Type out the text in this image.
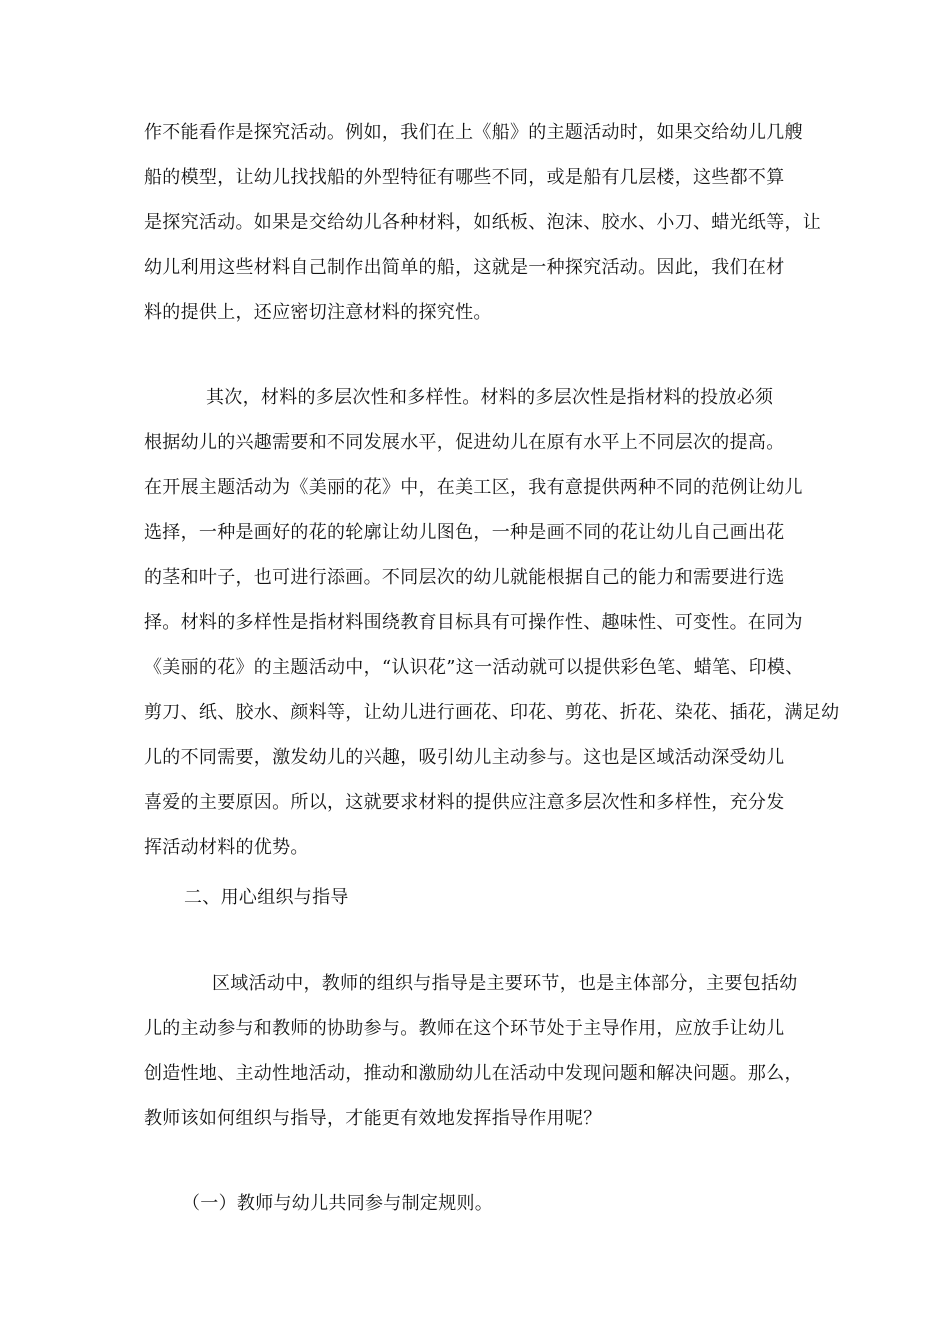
作不能看作是探究活动。例如，我们在上《船》的主题活动时，如果交给幼儿几艘
船的模型，让幼儿找找船的外型特征有哪些不同，或是船有几层楼，这些都不算
是探究活动。如果是交给幼儿各种材料，如纸板、泡沫、胶水、小刀、蜡光纸等，让
幼儿利用这些材料自己制作出简单的船，这就是一种探究活动。因此，我们在材
料的提供上，还应密切注意材料的探究性。
其次，材料的多层次性和多样性。材料的多层次性是指材料的投放必须
根据幼儿的兴趣需要和不同发展水平，促进幼儿在原有水平上不同层次的提高。
在开展主题活动为《美丽的花》中，在美工区，我有意提供两种不同的范例让幼儿
选择，一种是画好的花的轮廓让幼儿图色，一种是画不同的花让幼儿自己画出花
的茎和叶子，也可进行添画。不同层次的幼儿就能根据自己的能力和需要进行选
择。材料的多样性是指材料围绕教育目标具有可操作性、趣味性、可变性。在同为
《美丽的花》的主题活动中，“认识花”这一活动就可以提供彩色笔、蜡笔、印模、
剪刀、纸、胶水、颜料等，让幼儿进行画花、印花、剪花、折花、染花、插花，满足幼
儿的不同需要，激发幼儿的兴趣，吸引幼儿主动参与。这也是区域活动深受幼儿
喜爱的主要原因。所以，这就要求材料的提供应注意多层次性和多样性，充分发
挥活动材料的优势。
二、用心组织与指导
区域活动中，教师的组织与指导是主要环节，也是主体部分，主要包括幼
儿的主动参与和教师的协助参与。教师在这个环节处于主导作用，应放手让幼儿
创造性地、主动性地活动，推动和激励幼儿在活动中发现问题和解决问题。那么，
教师该如何组织与指导，才能更有效地发挥指导作用呢？
（一）教师与幼儿共同参与制定规则。
